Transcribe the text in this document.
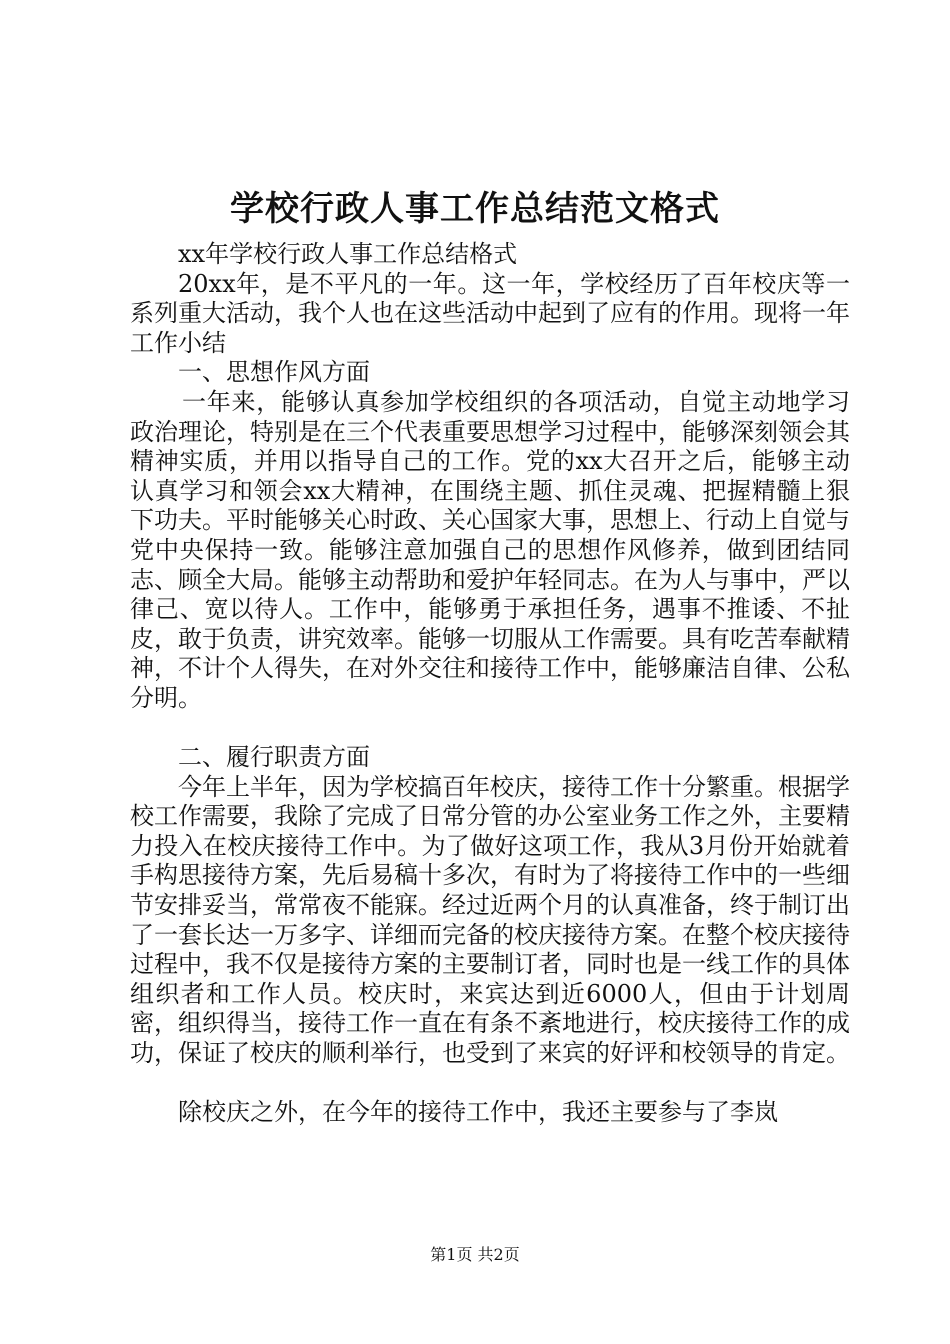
学校行政人事工作总结范文格式

xx年学校行政人事工作总结格式

20xx年，是不平凡的一年。这一年，学校经历了百年校庆等一系列重大活动，我个人也在这些活动中起到了应有的作用。现将一年工作小结

一、思想作风方面

一年来，能够认真参加学校组织的各项活动，自觉主动地学习政治理论，特别是在三个代表重要思想学习过程中，能够深刻领会其精神实质，并用以指导自己的工作。党的xx大召开之后，能够主动认真学习和领会xx大精神，在围绕主题、抓住灵魂、把握精髓上狠下功夫。平时能够关心时政、关心国家大事，思想上、行动上自觉与党中央保持一致。能够注意加强自己的思想作风修养，做到团结同志、顾全大局。能够主动帮助和爱护年轻同志。在为人与事中，严以律己、宽以待人。工作中，能够勇于承担任务，遇事不推诿、不扯皮，敢于负责，讲究效率。能够一切服从工作需要。具有吃苦奉献精神，不计个人得失，在对外交往和接待工作中，能够廉洁自律、公私分明。

二、履行职责方面

今年上半年，因为学校搞百年校庆，接待工作十分繁重。根据学校工作需要，我除了完成了日常分管的办公室业务工作之外，主要精力投入在校庆接待工作中。为了做好这项工作，我从3月份开始就着手构思接待方案，先后易稿十多次，有时为了将接待工作中的一些细节安排妥当，常常夜不能寐。经过近两个月的认真准备，终于制订出了一套长达一万多字、详细而完备的校庆接待方案。在整个校庆接待过程中，我不仅是接待方案的主要制订者，同时也是一线工作的具体组织者和工作人员。校庆时，来宾达到近6000人，但由于计划周密，组织得当，接待工作一直在有条不紊地进行，校庆接待工作的成功，保证了校庆的顺利举行，也受到了来宾的好评和校领导的肯定。

除校庆之外，在今年的接待工作中，我还主要参与了李岚

第1页 共2页
